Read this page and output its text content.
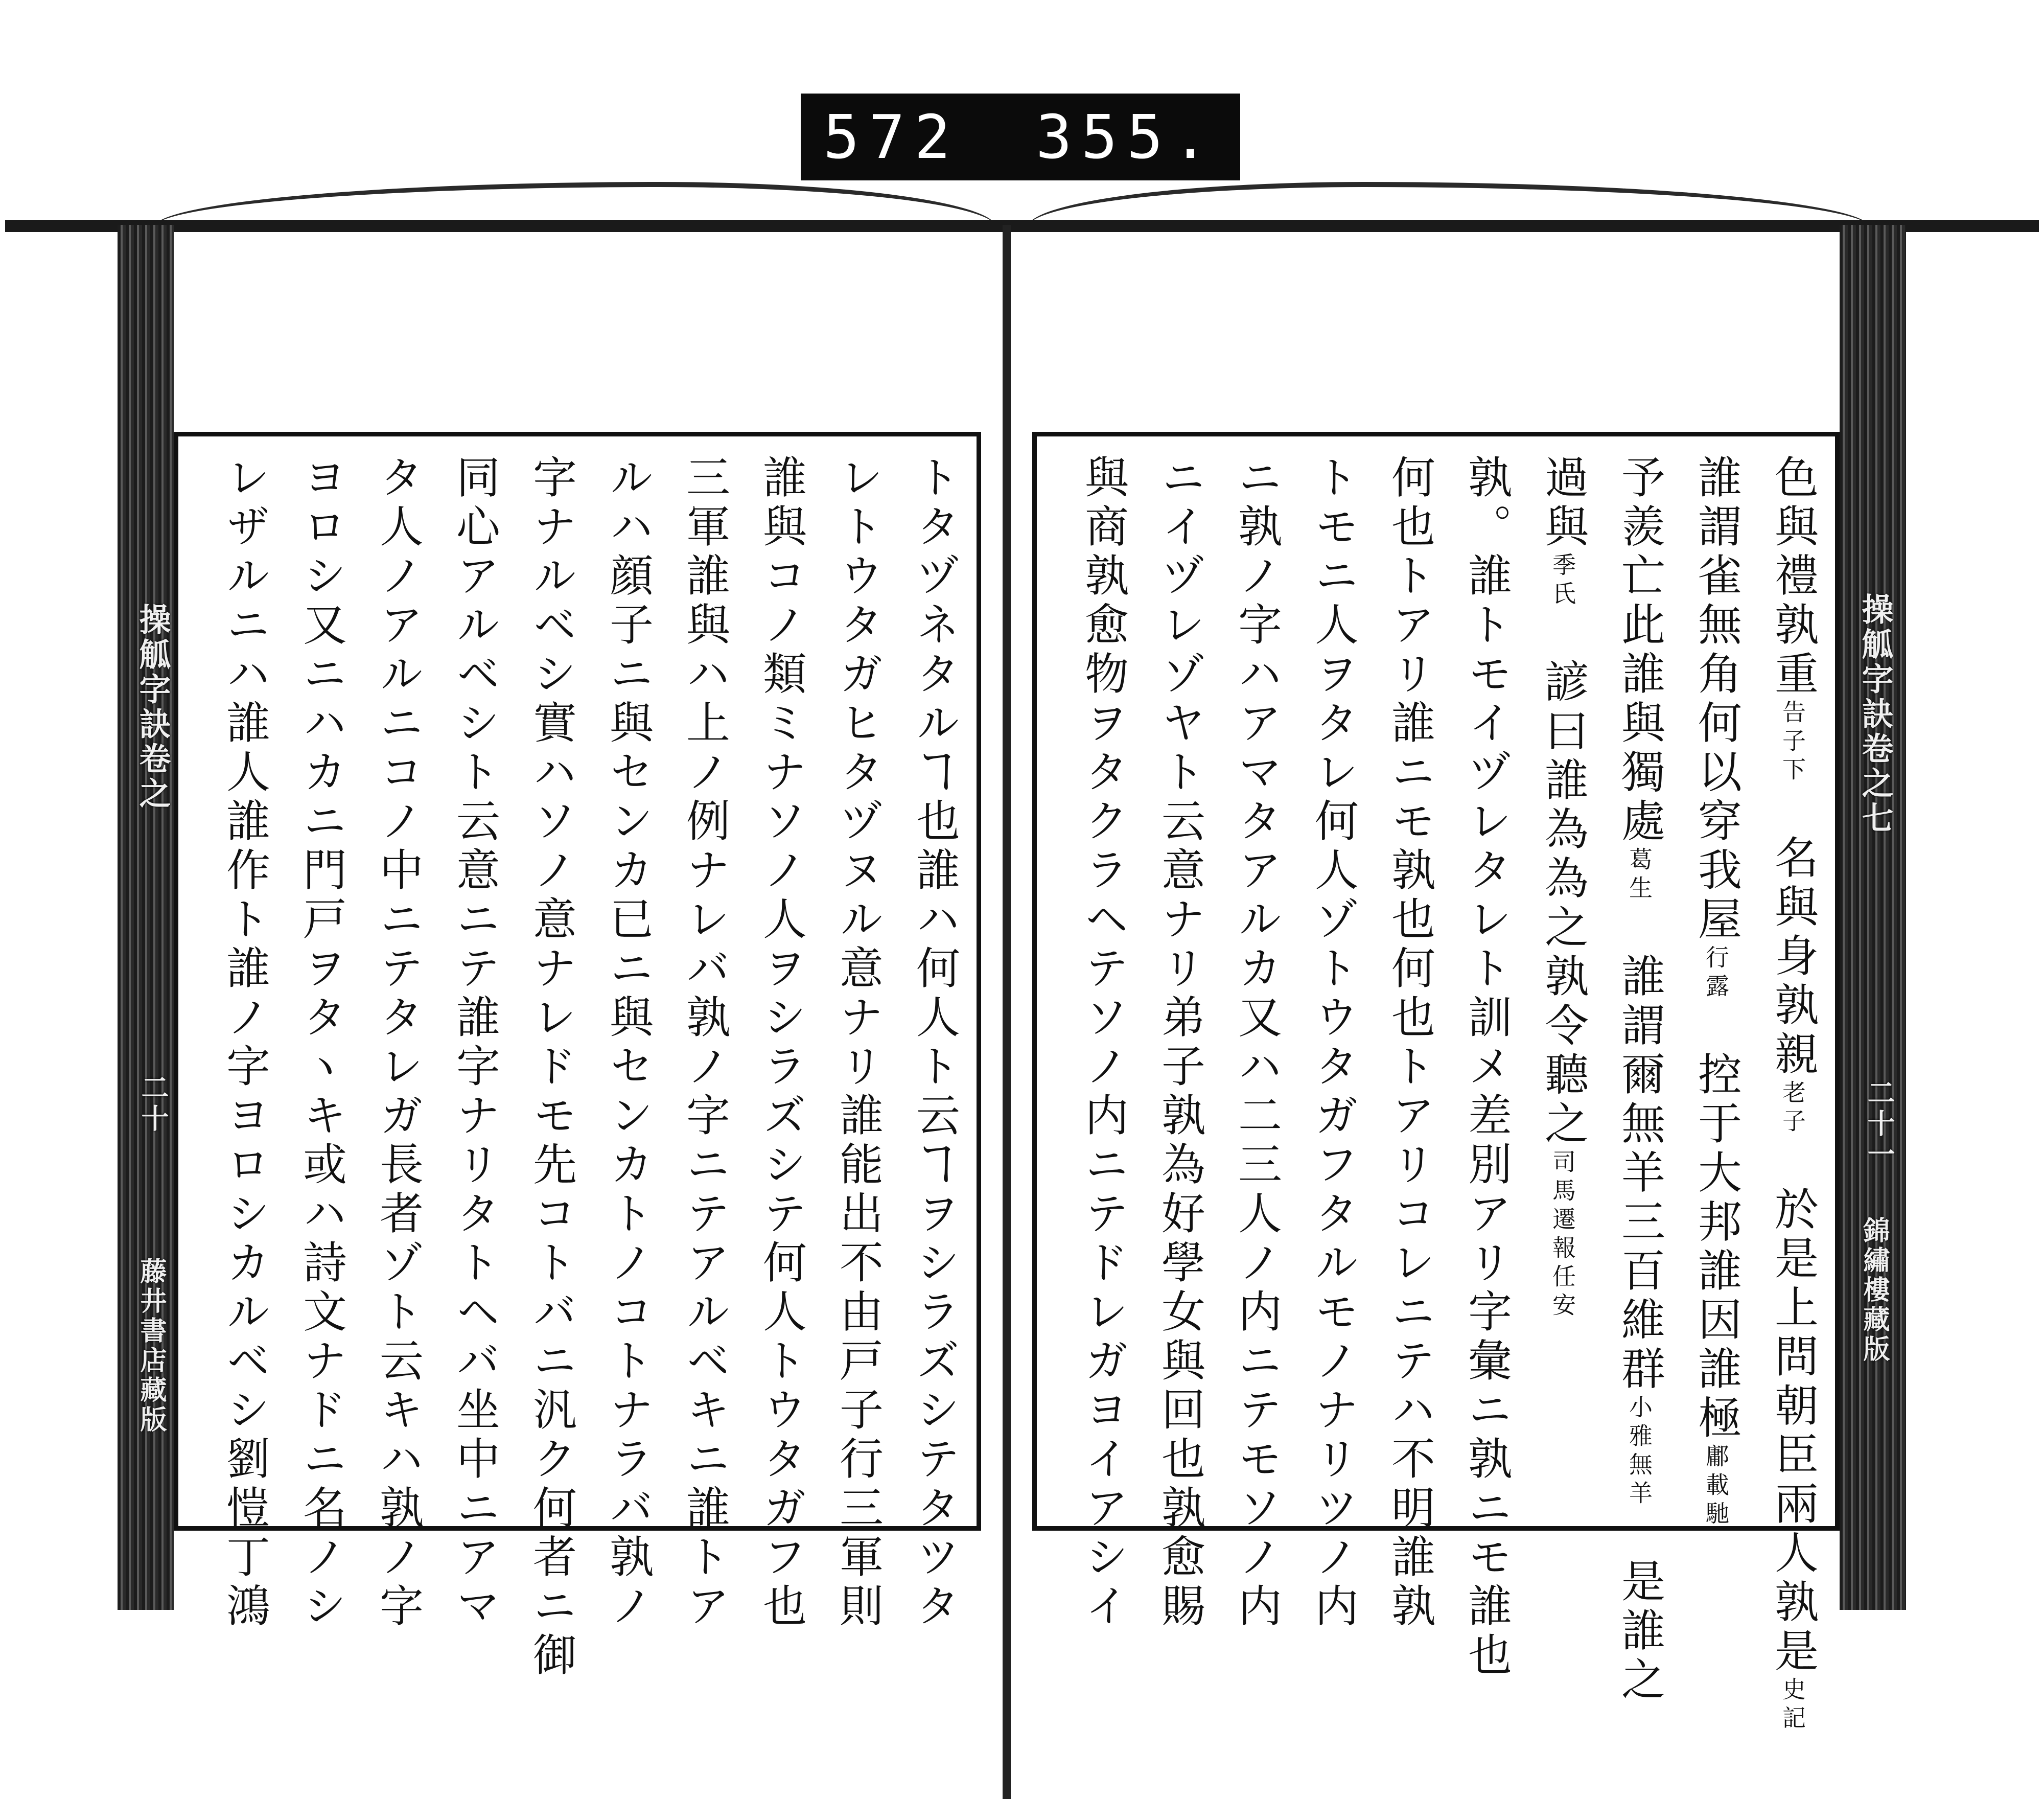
572 355.
操觚字訣卷之
二十
藤井書店藏版
操觚字訣卷之七
二十一
錦繡樓藏版
色與禮孰重告子下　名與身孰親老子　於是上問朝臣兩人孰是史記
誰謂雀無角何以穿我屋行露　控于大邦誰因誰極鄘載馳
予羨亡此誰與獨處葛生　誰謂爾無羊三百維群小雅無羊　是誰之
過與季氏　諺曰誰為為之孰令聽之司馬遷報任安
孰。誰トモイヅレタレト訓メ差別アリ字彙ニ孰ニモ誰也
何也トアリ誰ニモ孰也何也トアリコレニテハ不明誰孰
トモニ人ヲタレ何人ゾトウタガフタルモノナリツノ内
ニ孰ノ字ハアマタアルカ又ハ二三人ノ内ニテモソノ内
ニイヅレゾヤト云意ナリ弟子孰為好學女與回也孰愈賜
與商孰愈物ヲタクラヘテソノ内ニテドレガヨイアシイ
トタヅネタルヿ也誰ハ何人ト云ヿヲシラズシテタツタ
レトウタガヒタヅヌル意ナリ誰能出不由戸子行三軍則
誰與コノ類ミナソノ人ヲシラズシテ何人トウタガフ也
三軍誰與ハ上ノ例ナレバ孰ノ字ニテアルベキニ誰トア
ルハ顔子ニ與センカ已ニ與センカトノコトナラバ孰ノ
字ナルベシ實ハソノ意ナレドモ先コトバニ汎ク何者ニ御
同心アルベシト云意ニテ誰字ナリタトヘバ坐中ニアマ
タ人ノアルニコノ中ニテタレガ長者ゾト云キハ孰ノ字
ヨロシ又ニハカニ門戸ヲタヽキ或ハ詩文ナドニ名ノシ
レザルニハ誰人誰作ト誰ノ字ヨロシカルベシ劉愷丁鴻
